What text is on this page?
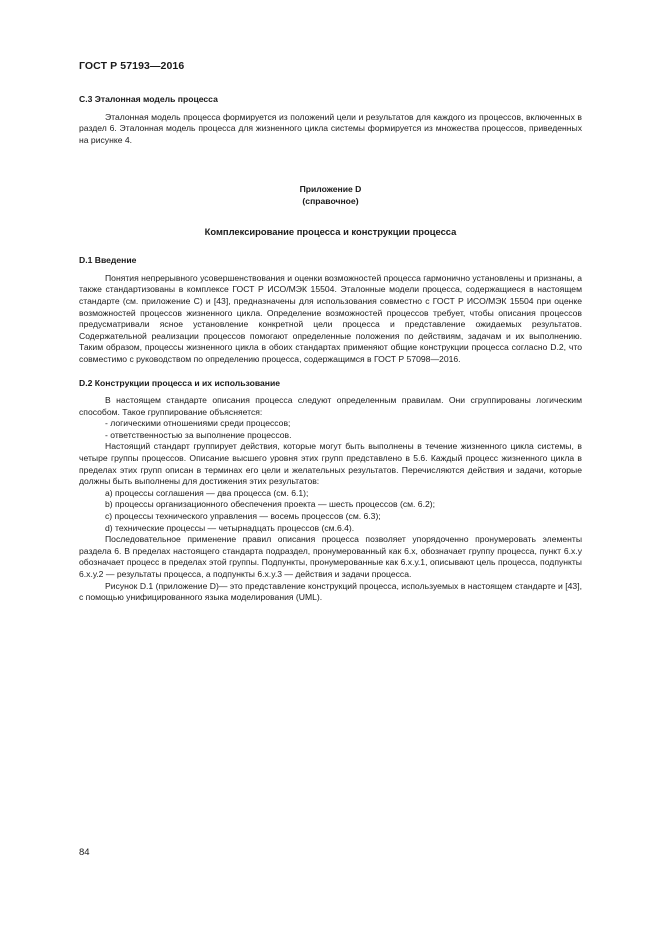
ГОСТ Р 57193—2016

C.3 Эталонная модель процесса

Эталонная модель процесса формируется из положений цели и результатов для каждого из процессов, включенных в раздел 6. Эталонная модель процесса для жизненного цикла системы формируется из множества процессов, приведенных на рисунке 4.

Приложение D

(справочное)

Комплексирование процесса и конструкции процесса

D.1 Введение

Понятия непрерывного усовершенствования и оценки возможностей процесса гармонично установлены и признаны, а также стандартизованы в комплексе ГОСТ Р ИСО/МЭК 15504. Эталонные модели процесса, содержащиеся в настоящем стандарте (см. приложение С) и [43], предназначены для использования совместно с ГОСТ Р ИСО/МЭК 15504 при оценке возможностей процессов жизненного цикла. Определение возможностей процессов требует, чтобы описания процессов предусматривали ясное установление конкретной цели процесса и представление ожидаемых результатов. Содержательной реализации процессов помогают определенные положения по действиям, задачам и их выполнению. Таким образом, процессы жизненного цикла в обоих стандартах применяют общие конструкции процесса согласно D.2, что совместимо с руководством по определению процесса, содержащимся в ГОСТ Р 57098—2016.

D.2 Конструкции процесса и их использование

В настоящем стандарте описания процесса следуют определенным правилам. Они сгруппированы логическим способом. Такое группирование объясняется:

- логическими отношениями среди процессов;

- ответственностью за выполнение процессов.

Настоящий стандарт группирует действия, которые могут быть выполнены в течение жизненного цикла системы, в четыре группы процессов. Описание высшего уровня этих групп представлено в 5.6. Каждый процесс жизненного цикла в пределах этих групп описан в терминах его цели и желательных результатов. Перечисляются действия и задачи, которые должны быть выполнены для достижения этих результатов:

a) процессы соглашения — два процесса (см. 6.1);

b) процессы организационного обеспечения проекта — шесть процессов (см. 6.2);

c) процессы технического управления — восемь процессов (см. 6.3);

d) технические процессы — четырнадцать процессов (см.6.4).

Последовательное применение правил описания процесса позволяет упорядоченно пронумеровать элементы раздела 6. В пределах настоящего стандарта подраздел, пронумерованный как 6.x, обозначает группу процесса, пункт 6.х.у обозначает процесс в пределах этой группы. Подпункты, пронумерованные как 6.х.у.1, описывают цель процесса, подпункты 6.х.у.2 — результаты процесса, а подпункты 6.x.y.3 — действия и задачи процесса.

Рисунок D.1 (приложение D)— это представление конструкций процесса, используемых в настоящем стандарте и [43], с помощью унифицированного языка моделирования (UML).

84
